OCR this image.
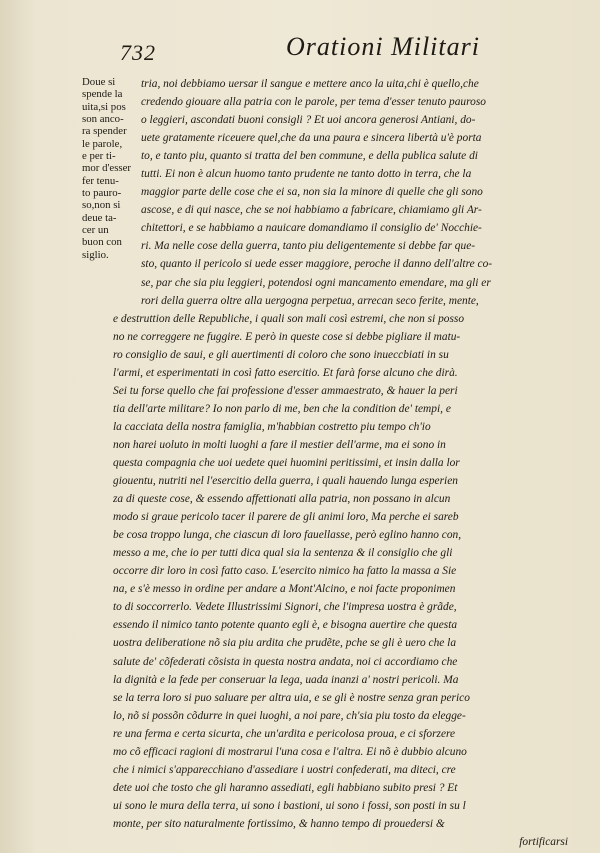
732	Orationi Militari
Doue si
spende la
uita,si pos
son anco-
ra spender
le parole,
e per ti-
mor d'esser
fer tenu-
to pauro-
so,non si
deue ta-
cer un
buon con
siglio.
tria, noi debbiamo uersar il sangue e mettere anco la uita,chi è quello,che
credendo giouare alla patria con le parole, per tema d'esser tenuto pauroso
o leggieri, ascondati buoni consigli ? Et uoi ancora generosi Antiani, do-
uete gratamente riceuere quel,che da una paura e sincera libertà u'è porta
to, e tanto piu, quanto si tratta del ben commune, e della publica salute di
tutti. Ei non è alcun huomo tanto prudente ne tanto dotto in terra, che la
maggior parte delle cose che ei sa, non sia la minore di quelle che gli sono
ascose, e di qui nasce, che se noi habbiamo a fabricare, chiamiamo gli Ar-
chitettori, e se habbiamo a nauicare domandiamo il consiglio de' Nocchie-
ri. Ma nelle cose della guerra, tanto piu deligentemente si debbe far que-
sto, quanto il pericolo si uede esser maggiore, peroche il danno dell'altre co-
se, par che sia piu leggieri, potendosi ogni mancamento emendare, ma gli er
rori della guerra oltre alla uergogna perpetua, arrecan seco ferite, mente,
e destruttion delle Republiche, i quali son mali così estremi, che non si posso
no ne correggere ne fuggire. E però in queste cose si debbe pigliare il matu-
ro consiglio de saui, e gli auertimenti di coloro che sono inueccbiati in su
l'armi, et esperimentati in così fatto esercitio. Et farà forse alcuno che dirà.
Sei tu forse quello che fai professione d'esser ammaestrato, & hauer la peri
tia dell'arte militare? Io non parlo di me, ben che la condition de' tempi, e
la cacciata della nostra famiglia, m'habbian costretto piu tempo ch'io
non harei uoluto in molti luoghi a fare il mestier dell'arme, ma ei sono in
questa compagnia che uoi uedete quei huomini peritissimi, et insin dalla lor
giouentu, nutriti nel l'esercitio della guerra, i quali hauendo lunga esperien
za di queste cose, & essendo affettionati alla patria, non possano in alcun
modo si graue pericolo tacer il parere de gli animi loro, Ma perche ei sareb
be cosa troppo lunga, che ciascun di loro fauellasse, però eglino hanno con,
messo a me, che io per tutti dica qual sia la sentenza & il consiglio che gli
occorre dir loro in così fatto caso. L'esercito nimico ha fatto la massa a Sie
na, e s'è messo in ordine per andare a Mont'Alcino, e noi facte proponimen
to di soccorrerlo. Vedete Illustrissimi Signori, che l'impresa uostra è grãde,
essendo il nimico tanto potente quanto egli è, e bisogna auertire che questa
uostra deliberatione nõ sia piu ardita che prudẽte, pche se gli è uero che la
salute de' cõfederati cõsista in questa nostra andata, noi ci accordiamo che
la dignità e la fede per conseruar la lega, uada inanzi a' nostri pericoli. Ma
se la terra loro si puo saluare per altra uia, e se gli è nostre senza gran perico
lo, nõ si possõn cõdurre in quei luoghi, a noi pare, ch'sia piu tosto da elegge-
re una ferma e certa sicurta, che un'ardita e pericolosa proua, e ci sforzere
mo cõ efficaci ragioni di mostrarui l'una cosa e l'altra. Ei nõ è dubbio alcuno
che i nimici s'apparecchiano d'assediare i uostri confederati, ma diteci, cre
dete uoi che tosto che gli haranno assediati, egli habbiano subito presi ? Et
ui sono le mura della terra, ui sono i bastioni, ui sono i fossi, son posti in su l
monte, per sito naturalmente fortissimo, & hanno tempo di prouedersi &
fortificarsi
